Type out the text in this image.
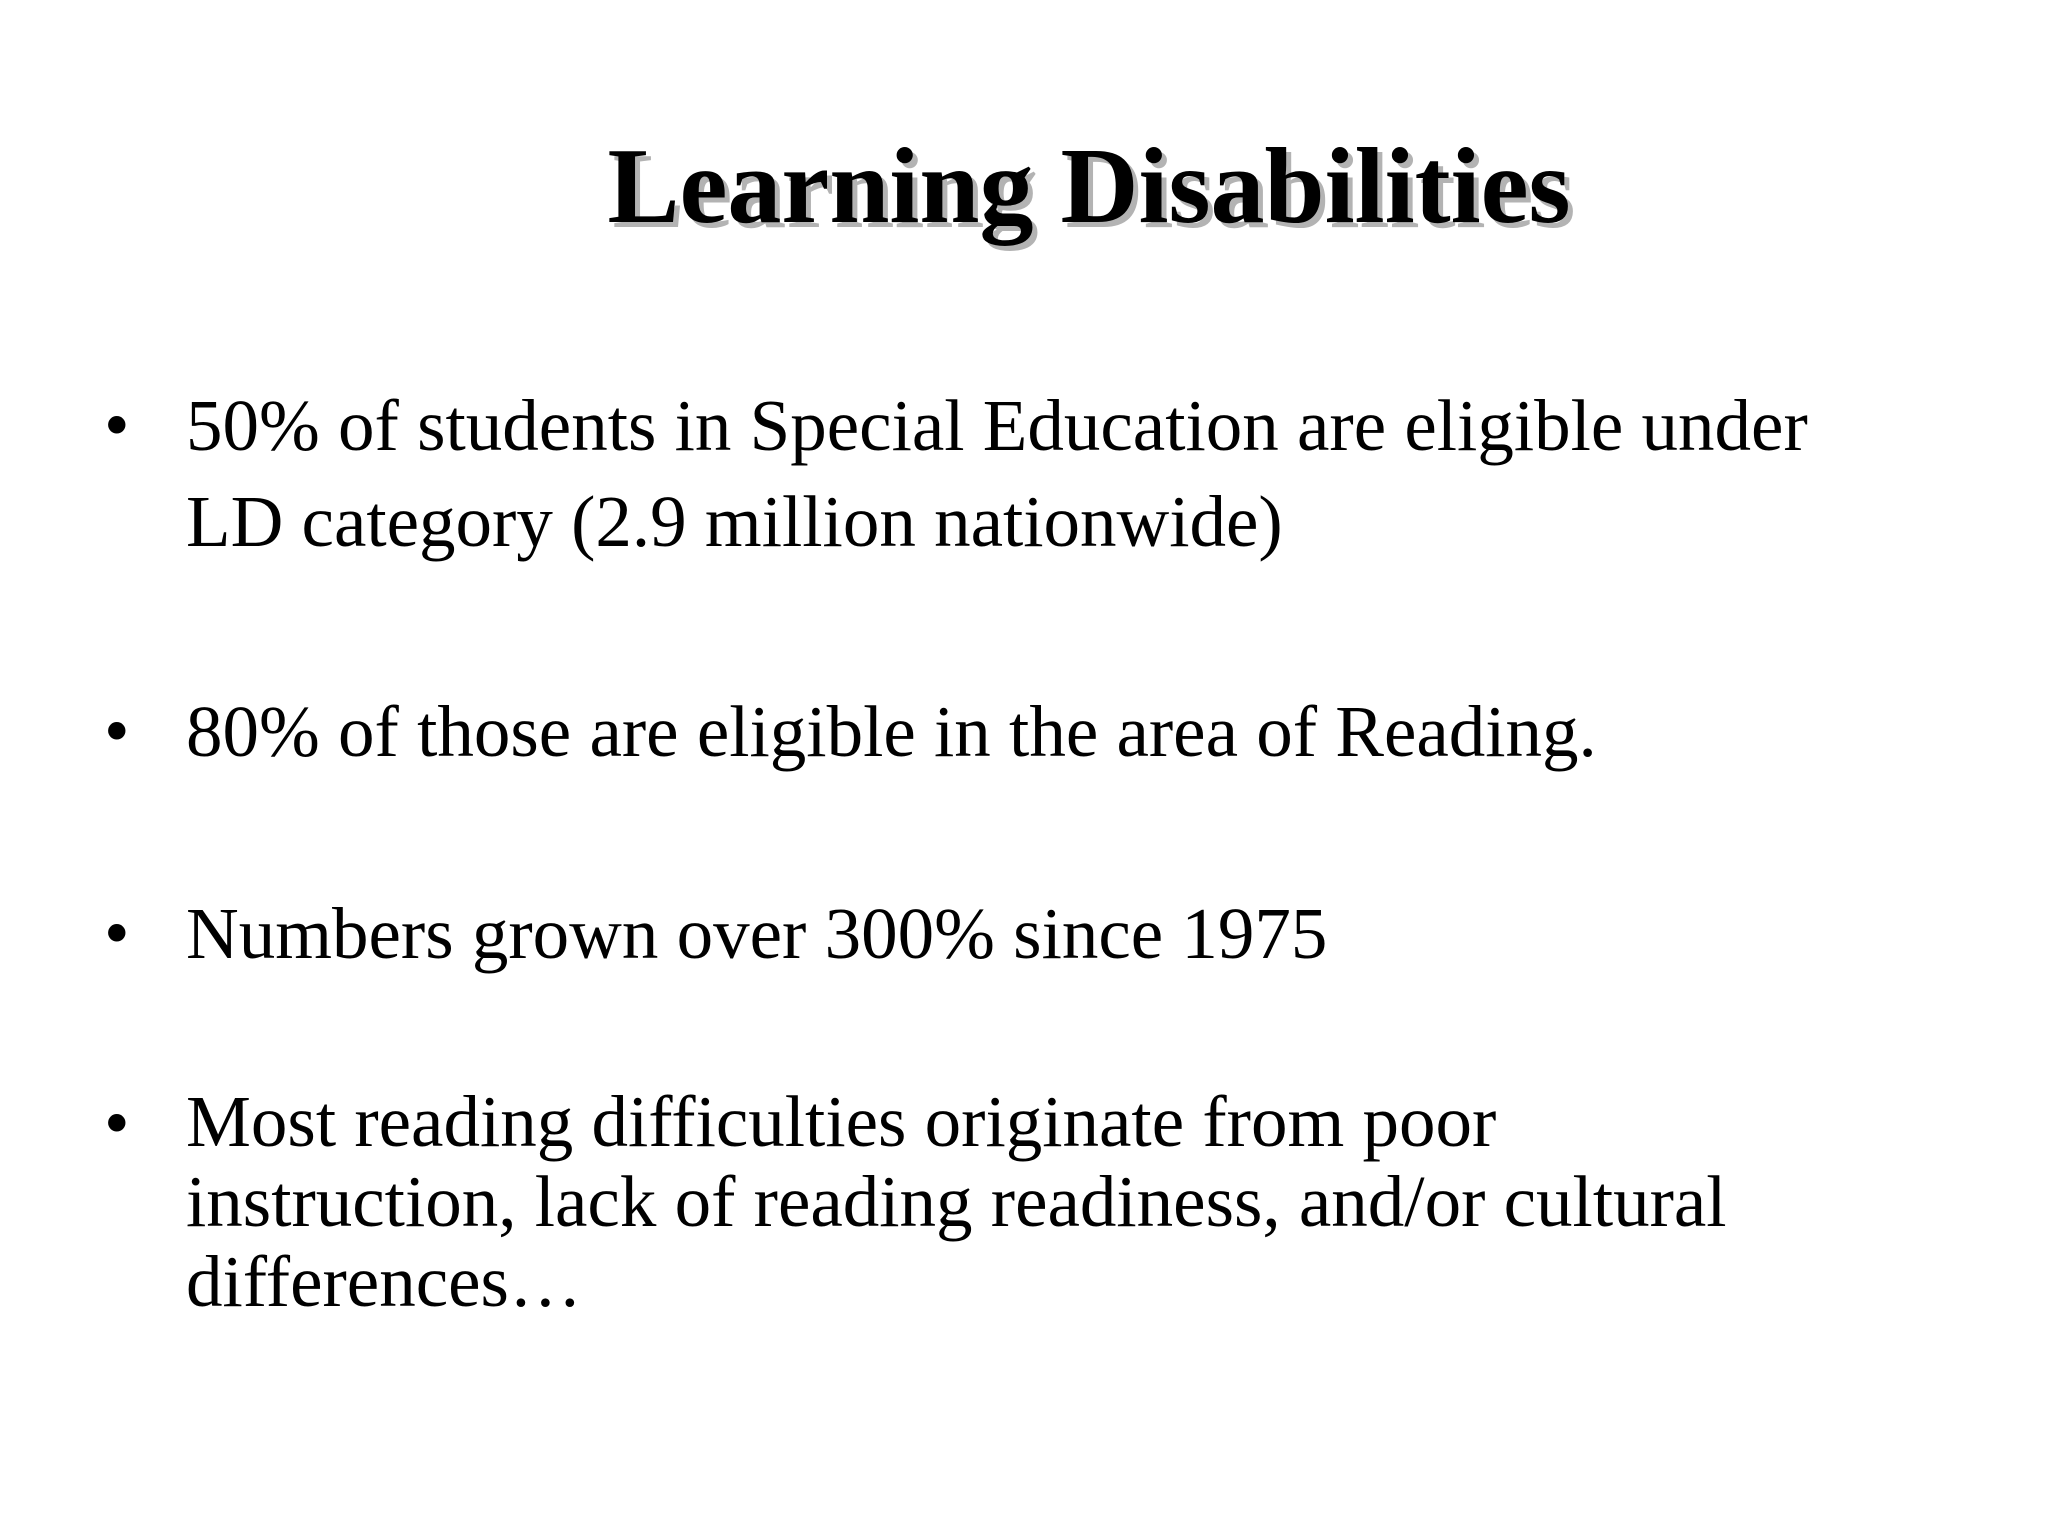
Learning Disabilities
• 50% of students in Special Education are eligible under
LD category (2.9 million nationwide)
• 80% of those are eligible in the area of Reading.
• Numbers grown over 300% since 1975
• Most reading difficulties originate from poor
instruction, lack of reading readiness, and/or cultural
differences…
